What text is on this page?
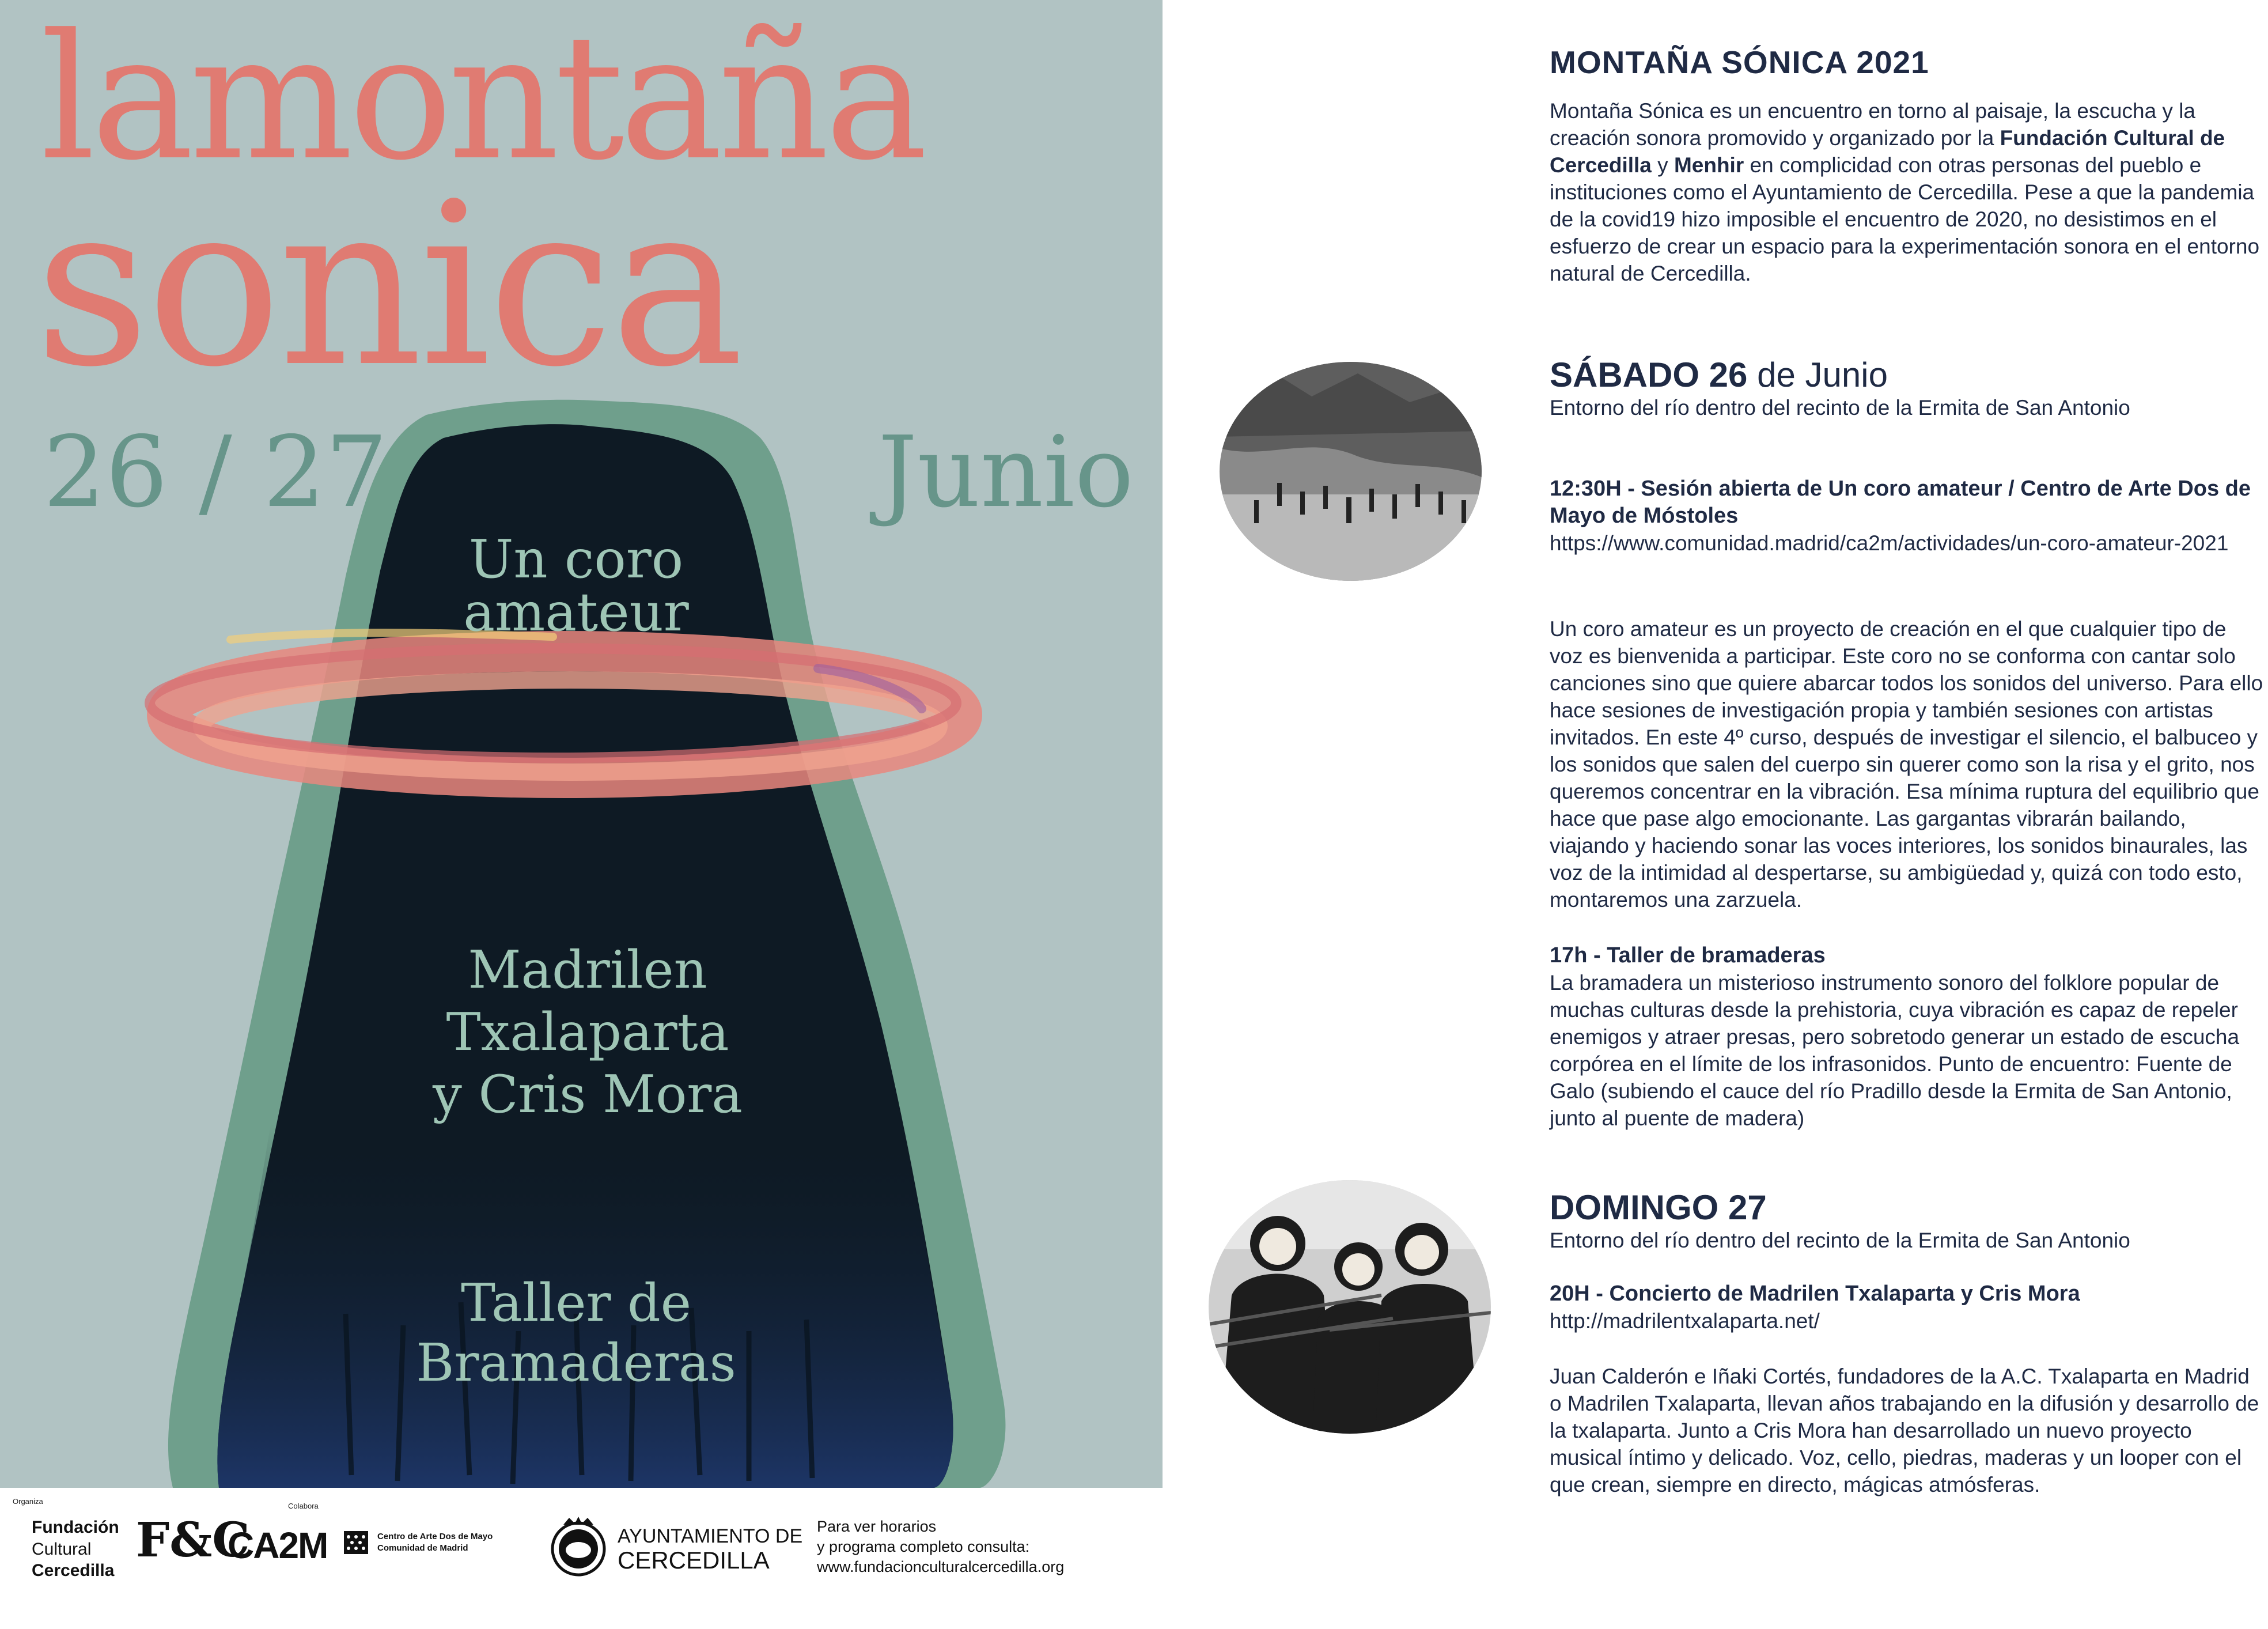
lamontaña
sonica
26 / 27	Junio
Un coro
amateur
Madrilen
Txalaparta
y Cris Mora
Taller de
Bramaderas
Organiza
Fundación
Cultural
Cercedilla
F&C
Colabora
CA2M	Centro de Arte Dos de Mayo
Comunidad de Madrid
AYUNTAMIENTO DE
CERCEDILLA
Para ver horarios
y programa completo consulta:
www.fundacionculturalcercedilla.org
MONTAÑA SÓNICA 2021

Montaña Sónica es un encuentro en torno al paisaje, la escucha y la creación sonora promovido y organizado por la Fundación Cultural de Cercedilla y Menhir en complicidad con otras personas del pueblo e instituciones como el Ayuntamiento de Cercedilla. Pese a que la pandemia de la covid19 hizo imposible el encuentro de 2020, no desistimos en el esfuerzo de crear un espacio para la experimentación sonora en el entorno natural de Cercedilla.

SÁBADO 26 de Junio

Entorno del río dentro del recinto de la Ermita de San Antonio

12:30H - Sesión abierta de Un coro amateur / Centro de Arte Dos de Mayo de Móstoles

https://www.comunidad.madrid/ca2m/actividades/un-coro-amateur-2021

Un coro amateur es un proyecto de creación en el que cualquier tipo de voz es bienvenida a participar. Este coro no se conforma con cantar solo canciones sino que quiere abarcar todos los sonidos del universo. Para ello hace sesiones de investigación propia y también sesiones con artistas invitados. En este 4º curso, después de investigar el silencio, el balbuceo y los sonidos que salen del cuerpo sin querer como son la risa y el grito, nos queremos concentrar en la vibración. Esa mínima ruptura del equilibrio que hace que pase algo emocionante. Las gargantas vibrarán bailando, viajando y haciendo sonar las voces interiores, los sonidos binaurales, las voz de la intimidad al despertarse, su ambigüedad y, quizá con todo esto, montaremos una zarzuela.

17h - Taller de bramaderas

La bramadera un misterioso instrumento sonoro del folklore popular de muchas culturas desde la prehistoria, cuya vibración es capaz de repeler enemigos y atraer presas, pero sobretodo generar un estado de escucha corpórea en el límite de los infrasonidos. Punto de encuentro: Fuente de Galo (subiendo el cauce del río Pradillo desde la Ermita de San Antonio, junto al puente de madera)

DOMINGO 27

Entorno del río dentro del recinto de la Ermita de San Antonio

20H - Concierto de Madrilen Txalaparta y Cris Mora

http://madrilentxalaparta.net/

Juan Calderón e Iñaki Cortés, fundadores de la A.C. Txalaparta en Madrid o Madrilen Txalaparta, llevan años trabajando en la difusión y desarrollo de la txalaparta. Junto a Cris Mora han desarrollado un nuevo proyecto musical íntimo y delicado. Voz, cello, piedras, maderas y un looper con el que crean, siempre en directo, mágicas atmósferas.
